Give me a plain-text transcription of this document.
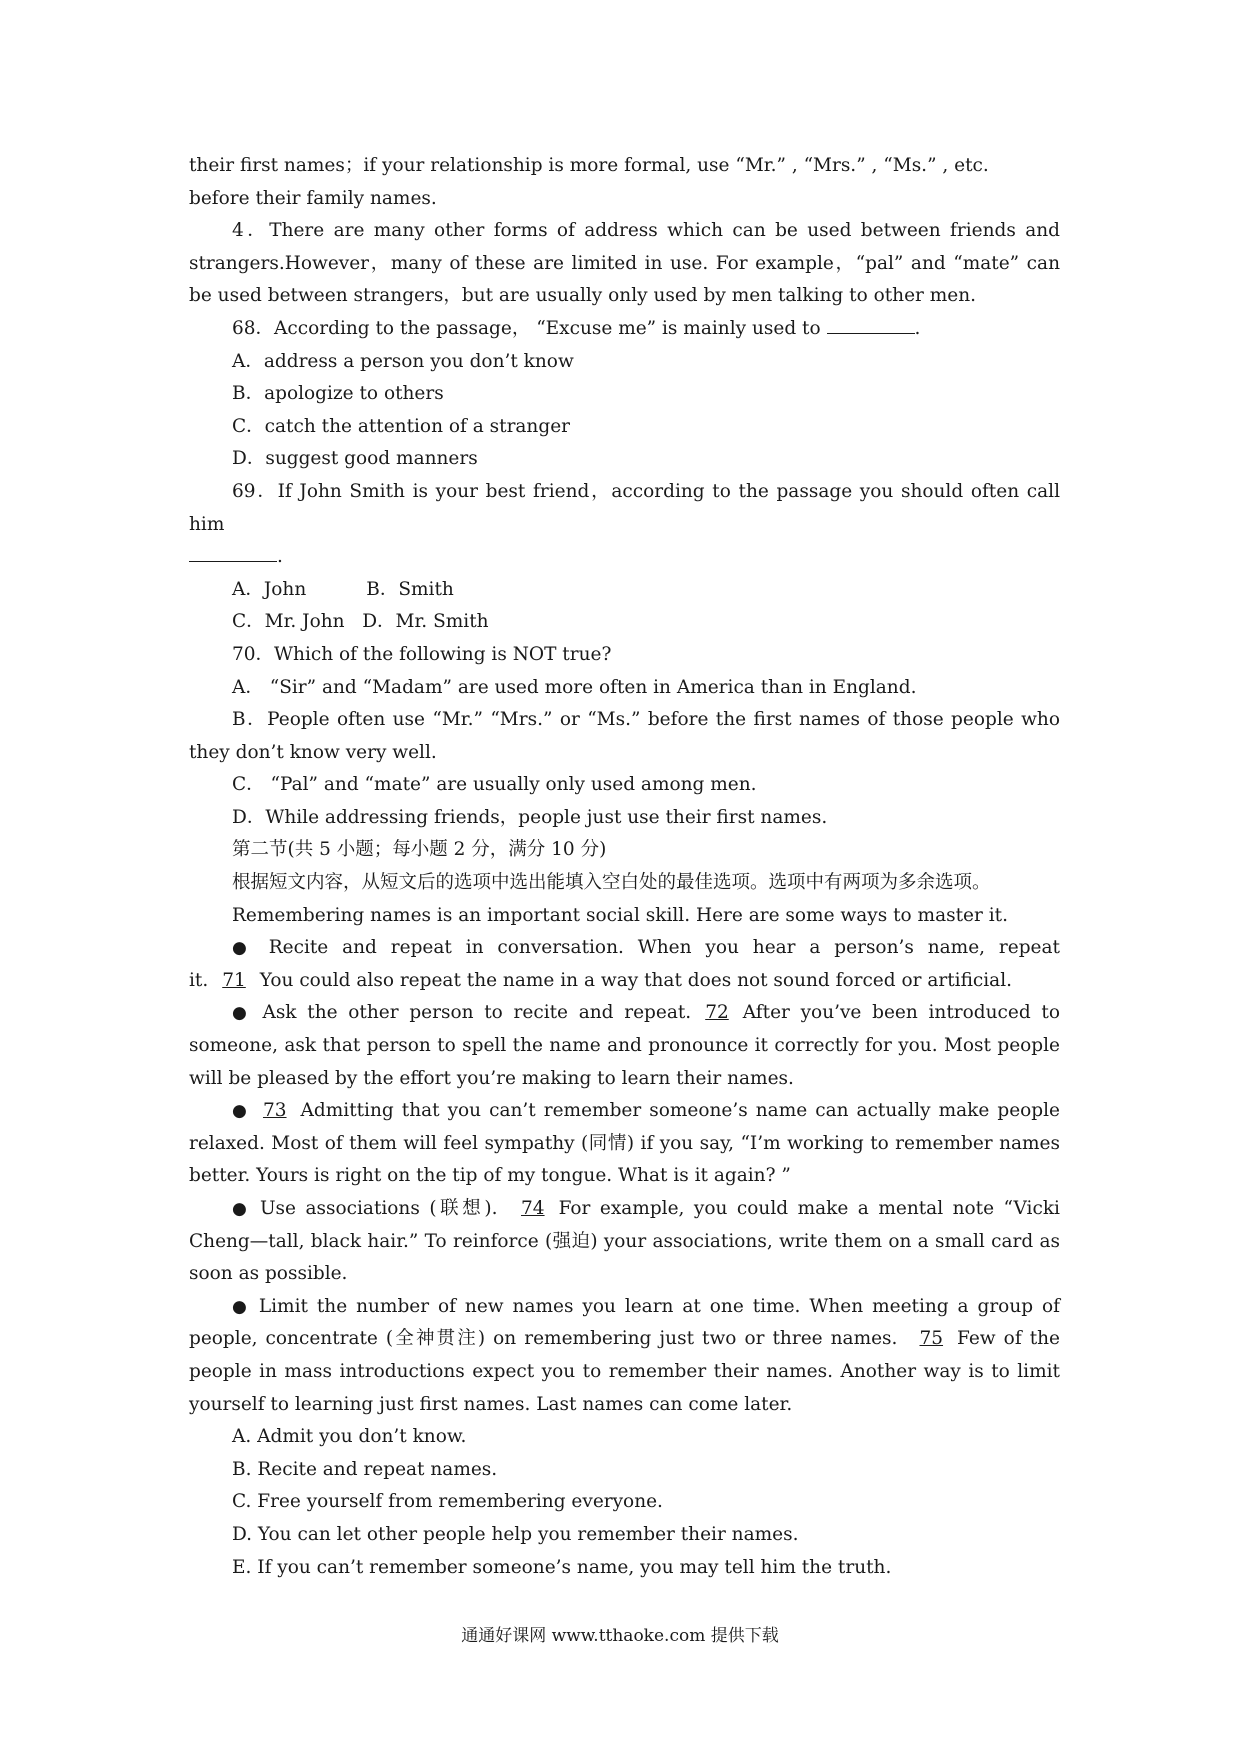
their first names；if your relationship is more formal, use “Mr.” , “Mrs.” , “Ms.” , etc.

before their family names.

4．There are many other forms of address which can be used between friends and strangers.However，many of these are limited in use. For example，“pal” and “mate” can be used between strangers，but are usually only used by men talking to other men.

68．According to the passage， “Excuse me” is mainly used to	.

A．address a person you don’t know

B．apologize to others

C．catch the attention of a stranger

D．suggest good manners

69．If John Smith is your best friend，according to the passage you should often call him

.

A．John	B．Smith

C．Mr. John D．Mr. Smith

70．Which of the following is NOT true?

A． “Sir” and “Madam” are used more often in America than in England.

B．People often use “Mr.” “Mrs.” or “Ms.” before the first names of those people who they don’t know very well.

C． “Pal” and “mate” are usually only used among men.

D．While addressing friends，people just use their first names.

第二节(共 5 小题；每小题 2 分，满分 10 分)

根据短文内容，从短文后的选项中选出能填入空白处的最佳选项。选项中有两项为多余选项。

Remembering names is an important social skill. Here are some ways to master it.

● Recite and repeat in conversation. When you hear a person’s name, repeat it. 71 You could also repeat the name in a way that does not sound forced or artificial.

● Ask the other person to recite and repeat. 72 After you’ve been introduced to someone, ask that person to spell the name and pronounce it correctly for you. Most people will be pleased by the effort you’re making to learn their names.

● 73 Admitting that you can’t remember someone’s name can actually make people relaxed. Most of them will feel sympathy (同情) if you say, “I’m working to remember names better. Yours is right on the tip of my tongue. What is it again? ”

● Use associations (联想). 74 For example, you could make a mental note “Vicki Cheng—tall, black hair.” To reinforce (强迫) your associations, write them on a small card as soon as possible.

● Limit the number of new names you learn at one time. When meeting a group of people, concentrate (全神贯注) on remembering just two or three names. 75 Few of the people in mass introductions expect you to remember their names. Another way is to limit yourself to learning just first names. Last names can come later.

A. Admit you don’t know.

B. Recite and repeat names.

C. Free yourself from remembering everyone.

D. You can let other people help you remember their names.

E. If you can’t remember someone’s name, you may tell him the truth.

通通好课网 www.tthaoke.com 提供下载
